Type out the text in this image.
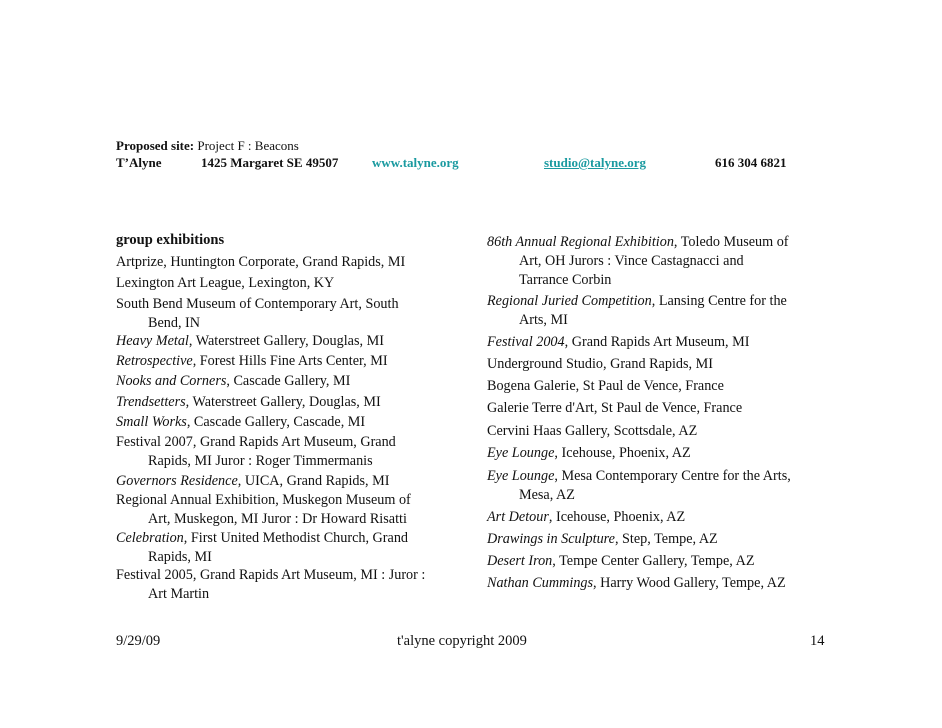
Proposed site: Project F : Beacons
T’Alyne	1425 Margaret SE 49507	www.talyne.org	studio@talyne.org	616 304 6821
group exhibitions
Artprize, Huntington Corporate, Grand Rapids, MI
Lexington Art League, Lexington, KY
South Bend Museum of Contemporary Art, South
Bend, IN
Heavy Metal, Waterstreet Gallery, Douglas, MI
Retrospective, Forest Hills Fine Arts Center, MI
Nooks and Corners, Cascade Gallery, MI
Trendsetters, Waterstreet Gallery, Douglas, MI
Small Works, Cascade Gallery, Cascade, MI
Festival 2007, Grand Rapids Art Museum, Grand
Rapids, MI Juror : Roger Timmermanis
Governors Residence, UICA, Grand Rapids, MI
Regional Annual Exhibition, Muskegon Museum of
Art, Muskegon, MI Juror : Dr Howard Risatti
Celebration, First United Methodist Church, Grand
Rapids, MI
Festival 2005, Grand Rapids Art Museum, MI : Juror :
Art Martin
86th Annual Regional Exhibition, Toledo Museum of
Art, OH Jurors : Vince Castagnacci and
Tarrance Corbin
Regional Juried Competition, Lansing Centre for the
Arts, MI
Festival 2004, Grand Rapids Art Museum, MI
Underground Studio, Grand Rapids, MI
Bogena Galerie, St Paul de Vence, France
Galerie Terre d'Art, St Paul de Vence, France
Cervini Haas Gallery, Scottsdale, AZ
Eye Lounge, Icehouse, Phoenix, AZ
Eye Lounge, Mesa Contemporary Centre for the Arts,
Mesa, AZ
Art Detour, Icehouse, Phoenix, AZ
Drawings in Sculpture, Step, Tempe, AZ
Desert Iron, Tempe Center Gallery, Tempe, AZ
Nathan Cummings, Harry Wood Gallery, Tempe, AZ
9/29/09	t'alyne copyright 2009	14
